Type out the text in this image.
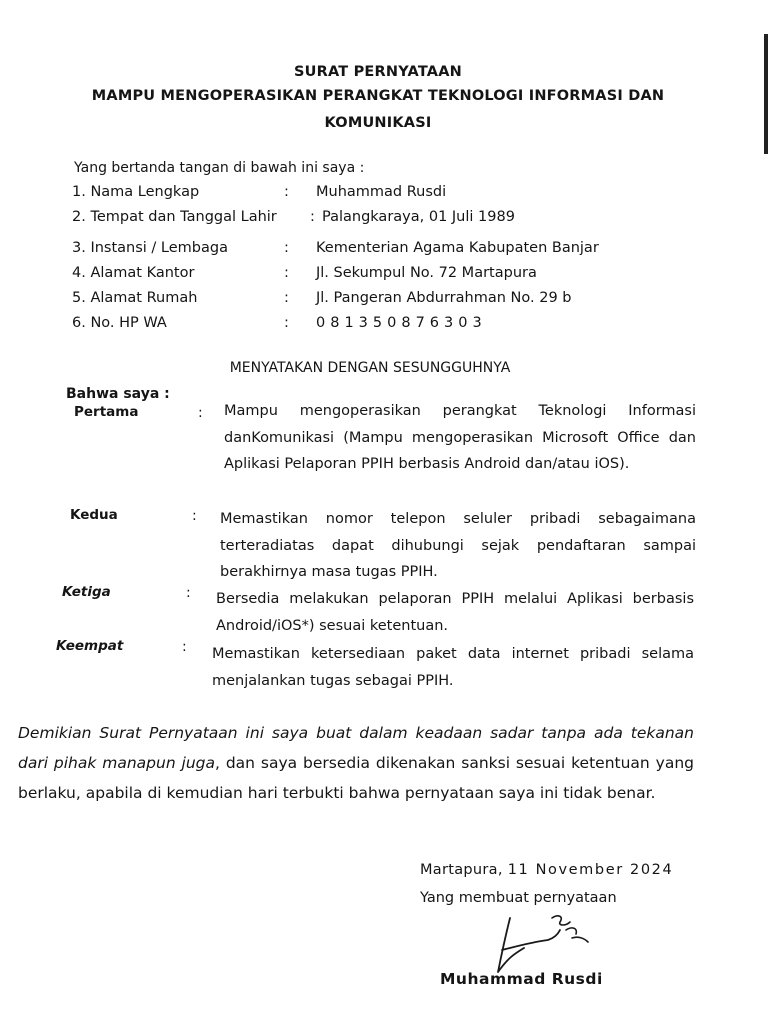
SURAT PERNYATAAN
MAMPU MENGOPERASIKAN PERANGKAT TEKNOLOGI INFORMASI DAN
KOMUNIKASI
Yang bertanda tangan di bawah ini saya :
1. Nama Lengkap	: Muhammad Rusdi
2. Tempat dan Tanggal Lahir : Palangkaraya, 01 Juli 1989
3. Instansi / Lembaga	: Kementerian Agama Kabupaten Banjar
4. Alamat Kantor	: Jl. Sekumpul No. 72 Martapura
5. Alamat Rumah	: Jl. Pangeran Abdurrahman No. 29 b
6. No. HP WA	: 081350876303
MENYATAKAN DENGAN SESUNGGUHNYA
Bahwa saya :
Pertama	: Mampu mengoperasikan perangkat Teknologi Informasi danKomunikasi (Mampu mengoperasikan Microsoft Office dan Aplikasi Pelaporan PPIH berbasis Android dan/atau iOS).
Kedua	: Memastikan nomor telepon seluler pribadi sebagaimana terteradiatas dapat dihubungi sejak pendaftaran sampai berakhirnya masa tugas PPIH.
Ketiga	: Bersedia melakukan pelaporan PPIH melalui Aplikasi berbasis Android/iOS*) sesuai ketentuan.
Keempat	: Memastikan ketersediaan paket data internet pribadi selama menjalankan tugas sebagai PPIH.
Demikian Surat Pernyataan ini saya buat dalam keadaan sadar tanpa ada tekanan dari pihak manapun juga, dan saya bersedia dikenakan sanksi sesuai ketentuan yang berlaku, apabila di kemudian hari terbukti bahwa pernyataan saya ini tidak benar.
Martapura, 11 November 2024
Yang membuat pernyataan
Muhammad Rusdi
